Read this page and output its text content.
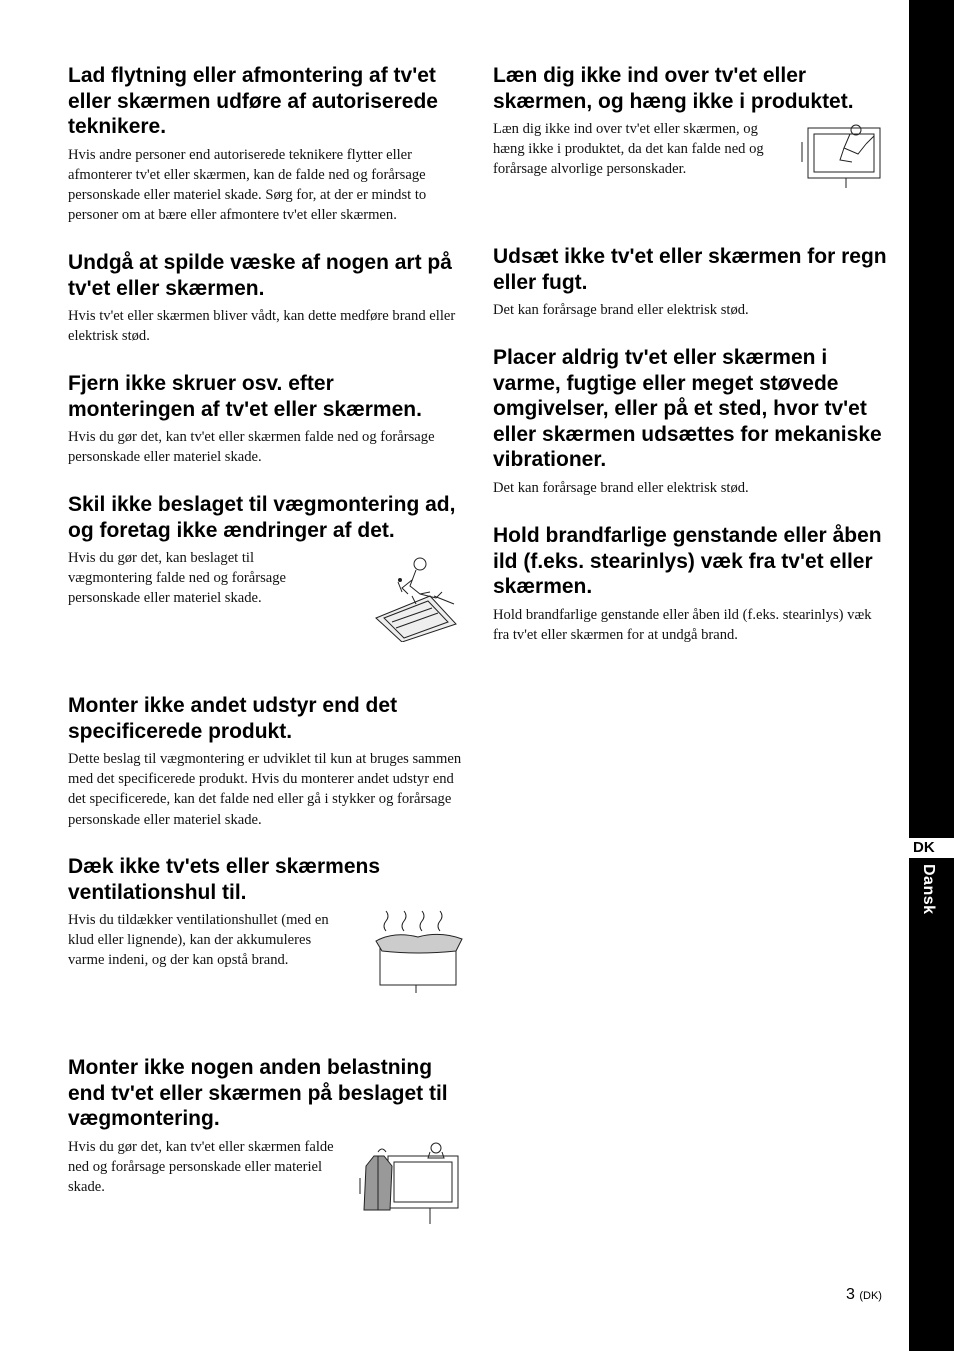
Lad flytning eller afmontering af tv'et eller skærmen udføre af autoriserede teknikere.

Hvis andre personer end autoriserede teknikere flytter eller afmonterer tv'et eller skærmen, kan de falde ned og forårsage personskade eller materiel skade. Sørg for, at der er mindst to personer om at bære eller afmontere tv'et eller skærmen.

Undgå at spilde væske af nogen art på tv'et eller skærmen.

Hvis tv'et eller skærmen bliver vådt, kan dette medføre brand eller elektrisk stød.

Fjern ikke skruer osv. efter monteringen af tv'et eller skærmen.

Hvis du gør det, kan tv'et eller skærmen falde ned og forårsage personskade eller materiel skade.

Skil ikke beslaget til vægmontering ad, og foretag ikke ændringer af det.

Hvis du gør det, kan beslaget til vægmontering falde ned og forårsage personskade eller materiel skade.

Monter ikke andet udstyr end det specificerede produkt.

Dette beslag til vægmontering er udviklet til kun at bruges sammen med det specificerede produkt. Hvis du monterer andet udstyr end det specificerede, kan det falde ned eller gå i stykker og forårsage personskade eller materiel skade.

Dæk ikke tv'ets eller skærmens ventilationshul til.

Hvis du tildækker ventilationshullet (med en klud eller lignende), kan der akkumuleres varme indeni, og der kan opstå brand.

Monter ikke nogen anden belastning end tv'et eller skærmen på beslaget til vægmontering.

Hvis du gør det, kan tv'et eller skærmen falde ned og forårsage personskade eller materiel skade.

Læn dig ikke ind over tv'et eller skærmen, og hæng ikke i produktet.

Læn dig ikke ind over tv'et eller skærmen, og hæng ikke i produktet, da det kan falde ned og forårsage alvorlige personskader.

Udsæt ikke tv'et eller skærmen for regn eller fugt.

Det kan forårsage brand eller elektrisk stød.

Placer aldrig tv'et eller skærmen i varme, fugtige eller meget støvede omgivelser, eller på et sted, hvor tv'et eller skærmen udsættes for mekaniske vibrationer.

Det kan forårsage brand eller elektrisk stød.

Hold brandfarlige genstande eller åben ild (f.eks. stearinlys) væk fra tv'et eller skærmen.

Hold brandfarlige genstande eller åben ild (f.eks. stearinlys) væk fra tv'et eller skærmen for at undgå brand.

DK
Dansk
3 (DK)
